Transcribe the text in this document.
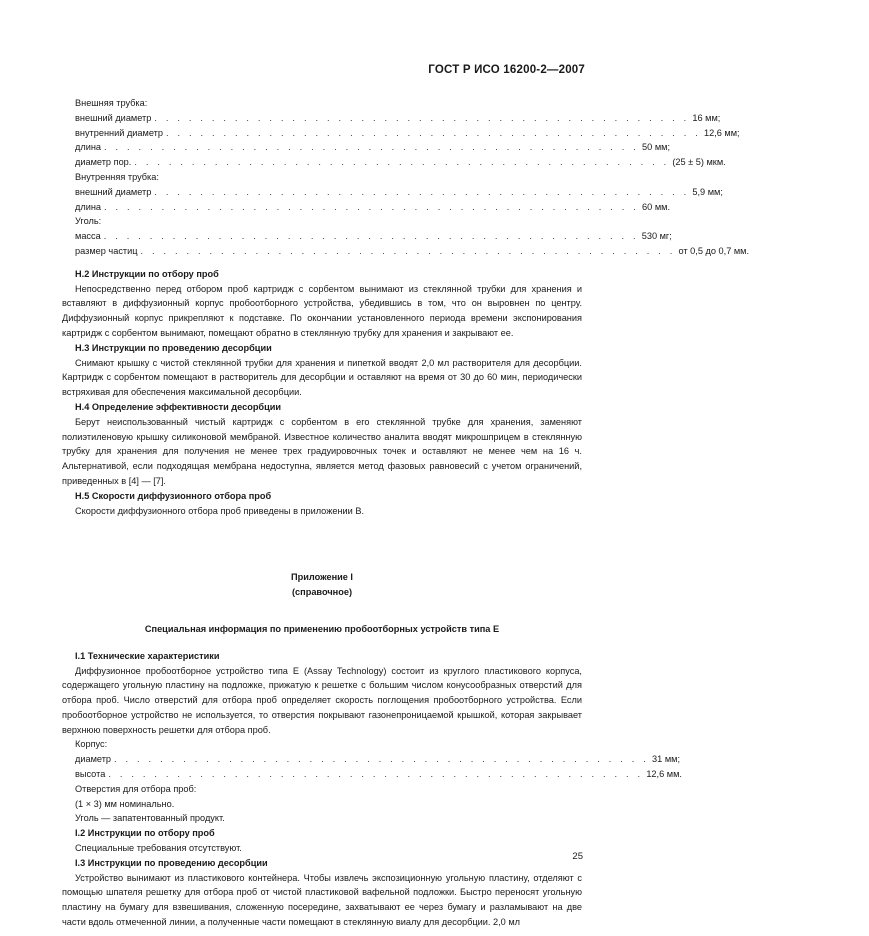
ГОСТ Р ИСО 16200-2—2007
Внешняя трубка:
внешний диаметр . . . . . . . . . . . . . . . . . . . . . . . . . . . . . . . . . . . . . . . . . . . . . . . 16 мм;
внутренний диаметр . . . . . . . . . . . . . . . . . . . . . . . . . . . . . . . . . . . . . . . . . . . . . . . 12,6 мм;
длина . . . . . . . . . . . . . . . . . . . . . . . . . . . . . . . . . . . . . . . . . . . . . . . 50 мм;
диаметр пор. . . . . . . . . . . . . . . . . . . . . . . . . . . . . . . . . . . . . . . . . . . . . . . . (25 ± 5) мкм.
Внутренняя трубка:
внешний диаметр . . . . . . . . . . . . . . . . . . . . . . . . . . . . . . . . . . . . . . . . . . . . . . . 5,9 мм;
длина . . . . . . . . . . . . . . . . . . . . . . . . . . . . . . . . . . . . . . . . . . . . . . . 60 мм.
Уголь:
масса . . . . . . . . . . . . . . . . . . . . . . . . . . . . . . . . . . . . . . . . . . . . . . . 530 мг;
размер частиц . . . . . . . . . . . . . . . . . . . . . . . . . . . . . . . . . . . . . . . . . . . . . . . от 0,5 до 0,7 мм.
H.2 Инструкции по отбору проб

Непосредственно перед отбором проб картридж с сорбентом вынимают из стеклянной трубки для хранения и вставляют в диффузионный корпус пробоотборного устройства, убедившись в том, что он выровнен по центру. Диффузионный корпус прикрепляют к подставке. По окончании установленного периода времени экспонирования картридж с сорбентом вынимают, помещают обратно в стеклянную трубку для хранения и закрывают ее.

H.3 Инструкции по проведению десорбции

Снимают крышку с чистой стеклянной трубки для хранения и пипеткой вводят 2,0 мл растворителя для десорбции. Картридж с сорбентом помещают в растворитель для десорбции и оставляют на время от 30 до 60 мин, периодически встряхивая для обеспечения максимальной десорбции.

H.4 Определение эффективности десорбции

Берут неиспользованный чистый картридж с сорбентом в его стеклянной трубке для хранения, заменяют полиэтиленовую крышку силиконовой мембраной. Известное количество аналита вводят микрошприцем в стеклянную трубку для хранения для получения не менее трех градуировочных точек и оставляют не менее чем на 16 ч. Альтернативой, если подходящая мембрана недоступна, является метод фазовых равновесий с учетом ограничений, приведенных в [4] — [7].

H.5 Скорости диффузионного отбора проб

Скорости диффузионного отбора проб приведены в приложении В.

Приложение I
(справочное)
Специальная информация по применению пробоотборных устройств типа Е
I.1 Технические характеристики

Диффузионное пробоотборное устройство типа Е (Assay Technology) состоит из круглого пластикового корпуса, содержащего угольную пластину на подложке, прижатую к решетке с большим числом конусообразных отверстий для отбора проб. Число отверстий для отбора проб определяет скорость поглощения пробоотборного устройства. Если пробоотборное устройство не используется, то отверстия покрывают газонепроницаемой крышкой, которая закрывает верхнюю поверхность решетки для отбора проб.

Корпус:
диаметр . . . . . . . . . . . . . . . . . . . . . . . . . . . . . . . . . . . . . . . . . . . . . . . 31 мм;
высота . . . . . . . . . . . . . . . . . . . . . . . . . . . . . . . . . . . . . . . . . . . . . . . 12,6 мм.
Отверстия для отбора проб:
(1 × 3) мм номинально.
Уголь — запатентованный продукт.
I.2 Инструкции по отбору проб

Специальные требования отсутствуют.

I.3 Инструкции по проведению десорбции

Устройство вынимают из пластикового контейнера. Чтобы извлечь экспозиционную угольную пластину, отделяют с помощью шпателя решетку для отбора проб от чистой пластиковой вафельной подложки. Быстро переносят угольную пластину на бумагу для взвешивания, сложенную посередине, захватывают ее через бумагу и разламывают на две части вдоль отмеченной линии, а полученные части помещают в стеклянную виалу для десорбции. 2,0 мл

25
